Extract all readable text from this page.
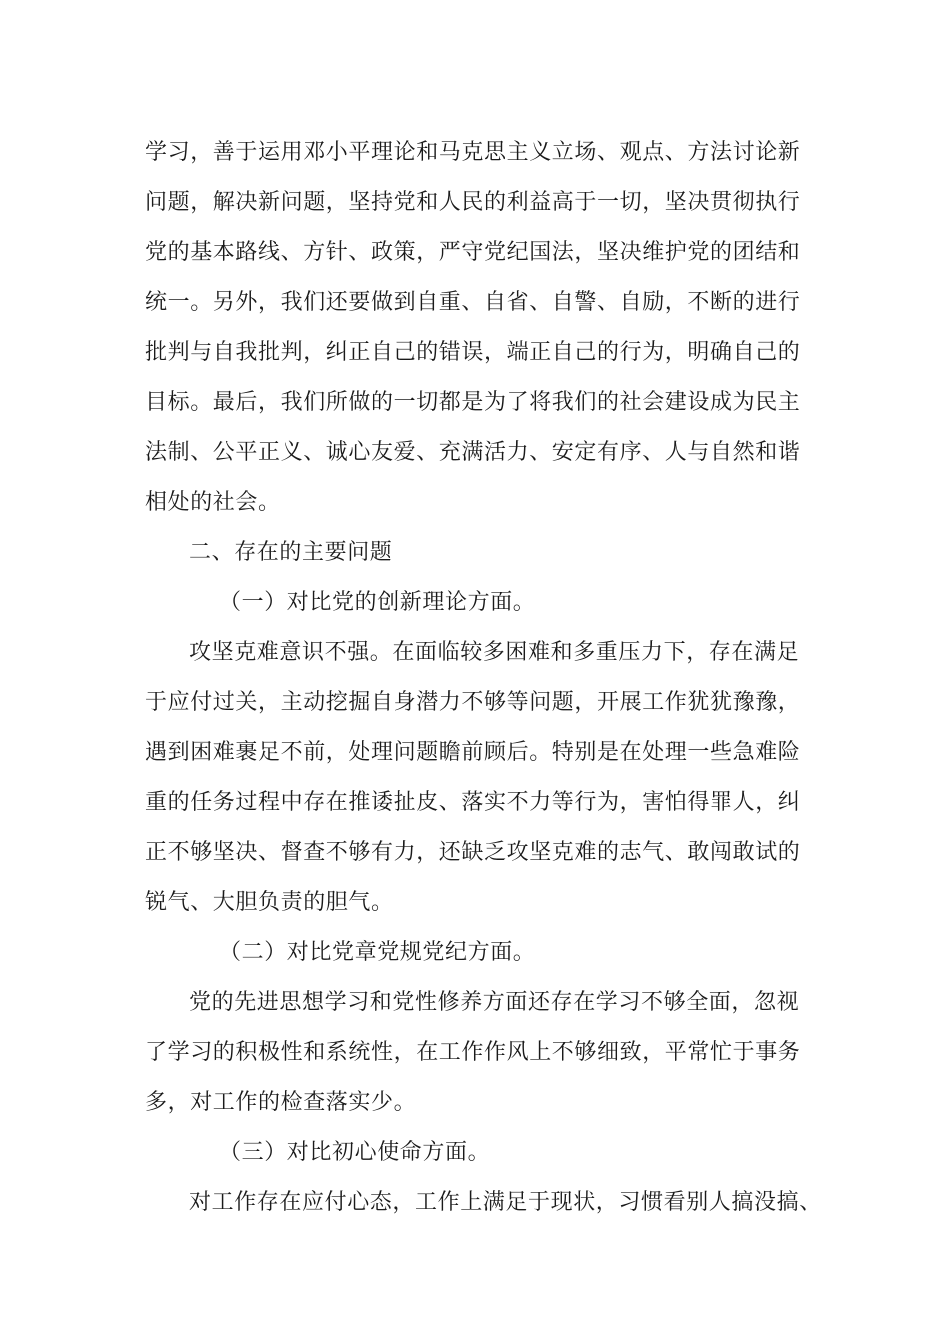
学习，善于运用邓小平理论和马克思主义立场、观点、方法讨论新
问题，解决新问题，坚持党和人民的利益高于一切，坚决贯彻执行
党的基本路线、方针、政策，严守党纪国法，坚决维护党的团结和
统一。另外，我们还要做到自重、自省、自警、自励，不断的进行
批判与自我批判，纠正自己的错误，端正自己的行为，明确自己的
目标。最后，我们所做的一切都是为了将我们的社会建设成为民主
法制、公平正义、诚心友爱、充满活力、安定有序、人与自然和谐
相处的社会。
二、存在的主要问题
（一）对比党的创新理论方面。
攻坚克难意识不强。在面临较多困难和多重压力下，存在满足
于应付过关，主动挖掘自身潜力不够等问题，开展工作犹犹豫豫，
遇到困难裹足不前，处理问题瞻前顾后。特别是在处理一些急难险
重的任务过程中存在推诿扯皮、落实不力等行为，害怕得罪人，纠
正不够坚决、督查不够有力，还缺乏攻坚克难的志气、敢闯敢试的
锐气、大胆负责的胆气。
（二）对比党章党规党纪方面。
党的先进思想学习和党性修养方面还存在学习不够全面，忽视
了学习的积极性和系统性，在工作作风上不够细致，平常忙于事务
多，对工作的检查落实少。
（三）对比初心使命方面。
对工作存在应付心态，工作上满足于现状，习惯看别人搞没搞、
